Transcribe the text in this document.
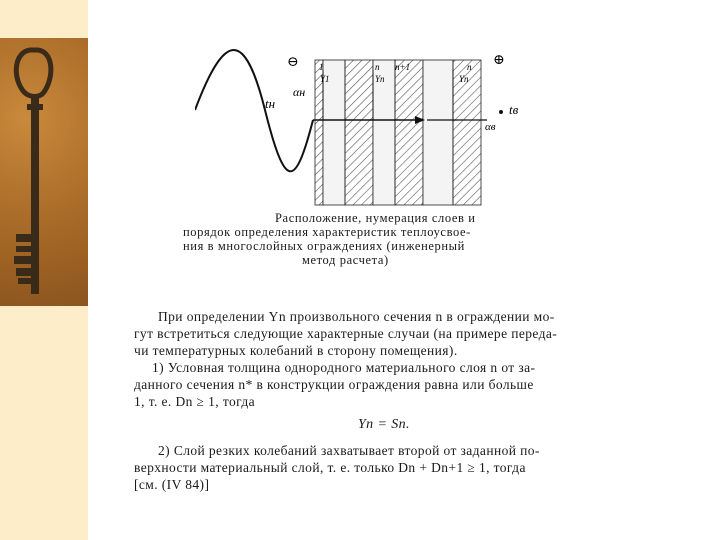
⊖	⊕
tн
αн
αв
tв
1
Y1
n n+1
Yn
n
Yn
Расположение, нумерация слоев и
порядок определения характеристик теплоусвое-
ния в многослойных ограждениях (инженерный
метод расчета)
При определении Yn произвольного сечения n в ограждении мо-
гут встретиться следующие характерные случаи (на примере переда-
чи температурных колебаний в сторону помещения).
1) Условная толщина однородного материального слоя n от за-
данного сечения n* в конструкции ограждения равна или больше
1, т. е. Dn ≥ 1, тогда
Yn = Sn.
2) Слой резких колебаний захватывает второй от заданной по-
верхности материальный слой, т. е. только Dn + Dn+1 ≥ 1, тогда
[см. (IV 84)]
